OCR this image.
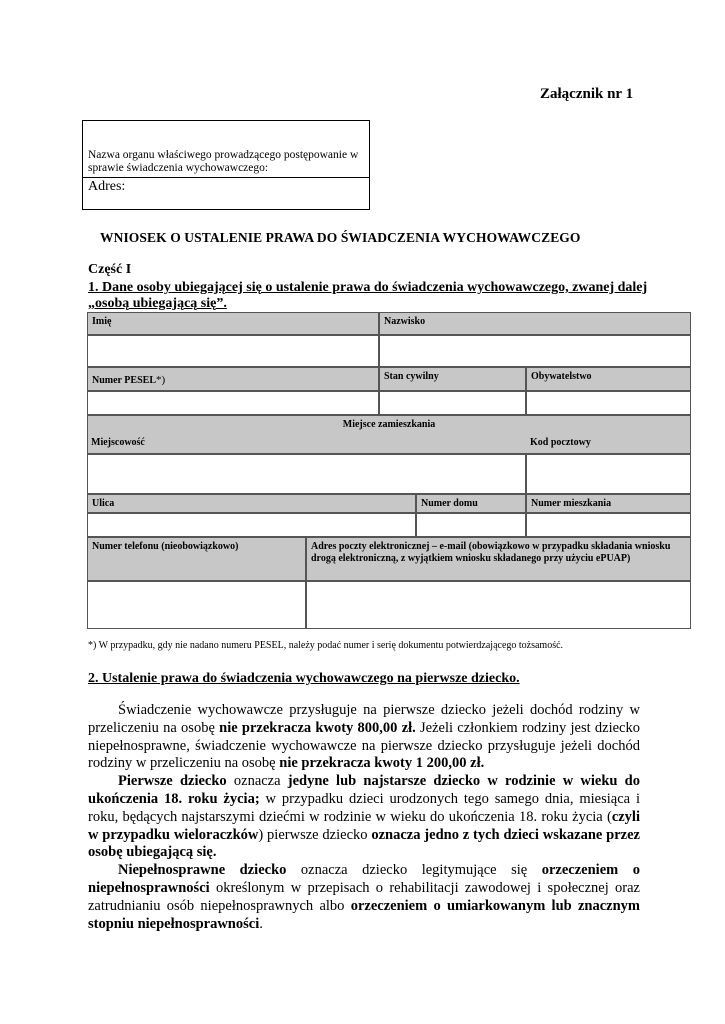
Załącznik nr 1
Nazwa organu właściwego prowadzącego postępowanie w sprawie świadczenia wychowawczego:
Adres:
WNIOSEK O USTALENIE PRAWA DO ŚWIADCZENIA WYCHOWAWCZEGO
Część I
1. Dane osoby ubiegającej się o ustalenie prawa do świadczenia wychowawczego, zwanej dalej „osobą ubiegającą się”.
Imię	Nazwisko
Numer PESEL*)	Stan cywilny	Obywatelstwo
Miejsce zamieszkania
Miejscowość	Kod pocztowy
Ulica	Numer domu	Numer mieszkania
Numer telefonu (nieobowiązkowo)	Adres poczty elektronicznej – e-mail (obowiązkowo w przypadku składania wniosku drogą elektroniczną, z wyjątkiem wniosku składanego przy użyciu ePUAP)
*) W przypadku, gdy nie nadano numeru PESEL, należy podać numer i serię dokumentu potwierdzającego tożsamość.
2. Ustalenie prawa do świadczenia wychowawczego na pierwsze dziecko.

Świadczenie wychowawcze przysługuje na pierwsze dziecko jeżeli dochód rodziny w przeliczeniu na osobę nie przekracza kwoty 800,00 zł. Jeżeli członkiem rodziny jest dziecko niepełnosprawne, świadczenie wychowawcze na pierwsze dziecko przysługuje jeżeli dochód rodziny w przeliczeniu na osobę nie przekracza kwoty 1 200,00 zł.

Pierwsze dziecko oznacza jedyne lub najstarsze dziecko w rodzinie w wieku do ukończenia 18. roku życia; w przypadku dzieci urodzonych tego samego dnia, miesiąca i roku, będących najstarszymi dziećmi w rodzinie w wieku do ukończenia 18. roku życia (czyli w przypadku wieloraczków) pierwsze dziecko oznacza jedno z tych dzieci wskazane przez osobę ubiegającą się.

Niepełnosprawne dziecko oznacza dziecko legitymujące się orzeczeniem o niepełnosprawności określonym w przepisach o rehabilitacji zawodowej i społecznej oraz zatrudnianiu osób niepełnosprawnych albo orzeczeniem o umiarkowanym lub znacznym stopniu niepełnosprawności.
